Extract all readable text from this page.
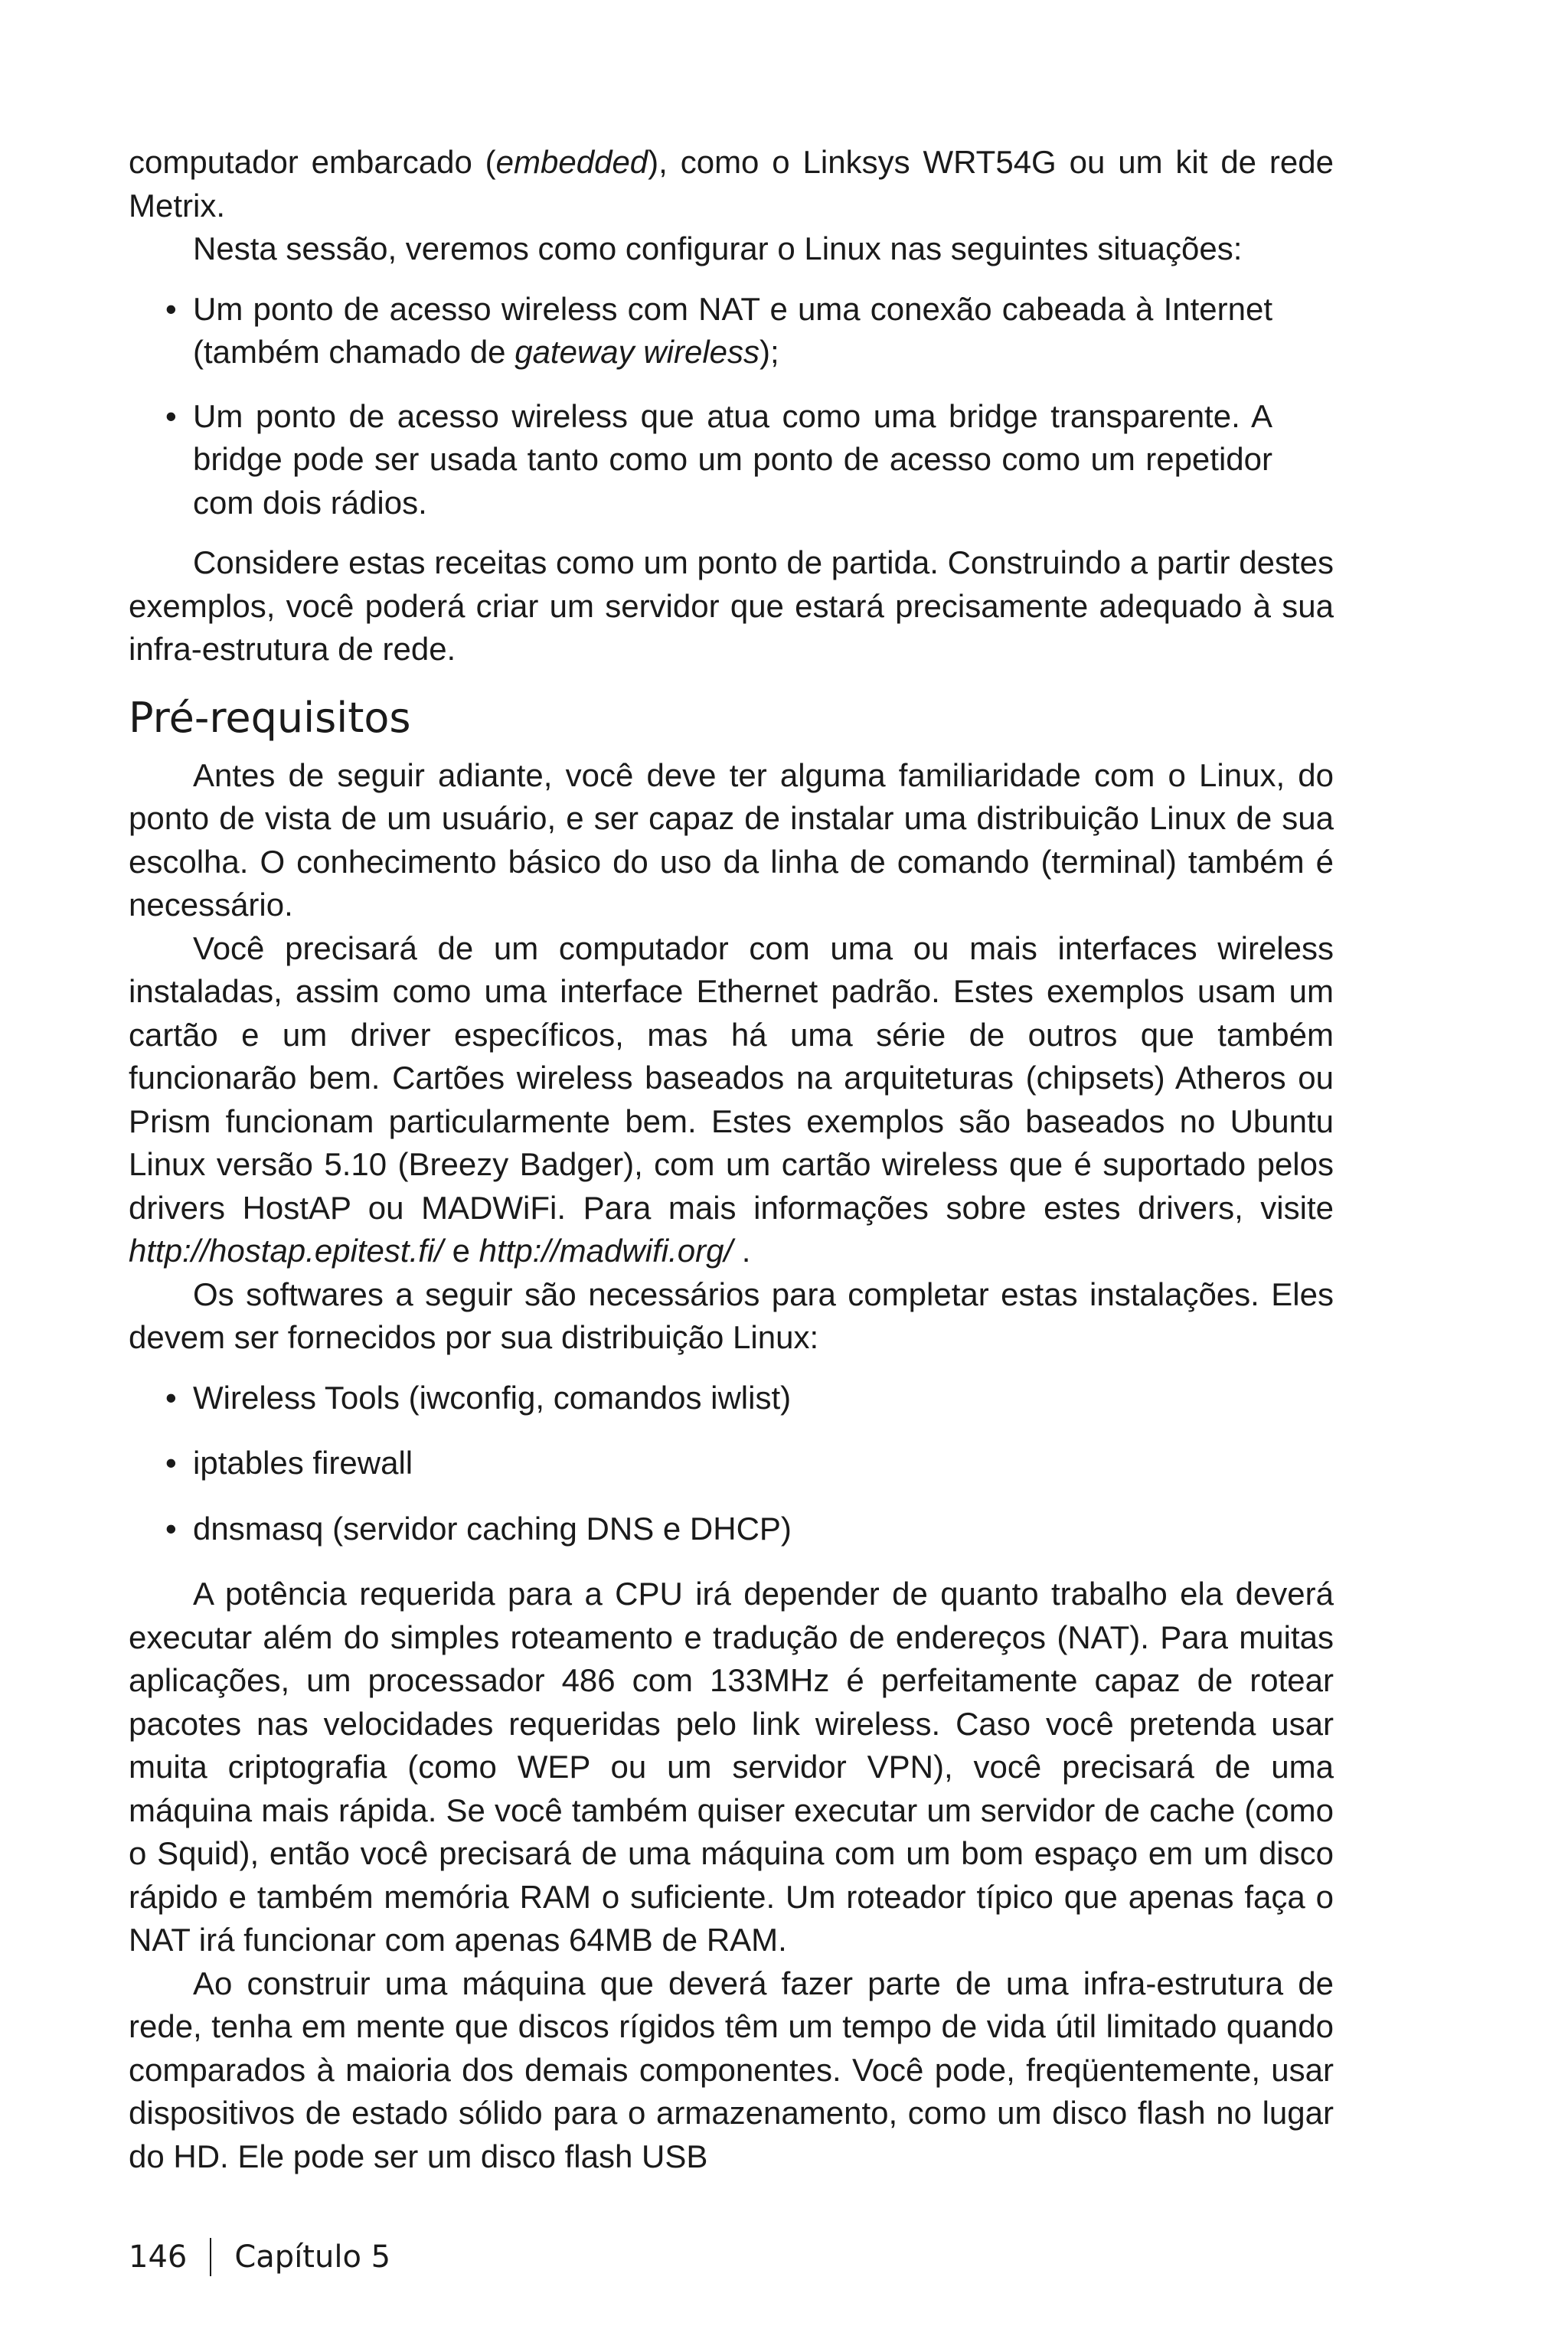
computador embarcado (embedded), como o Linksys WRT54G ou um kit de rede Metrix.

Nesta sessão, veremos como configurar o Linux nas seguintes situações:

• Um ponto de acesso wireless com NAT e uma conexão cabeada à Internet (também chamado de gateway wireless);
• Um ponto de acesso wireless que atua como uma bridge transparente. A bridge pode ser usada tanto como um ponto de acesso como um repetidor com dois rádios.

Considere estas receitas como um ponto de partida. Construindo a partir destes exemplos, você poderá criar um servidor que estará precisamente adequado à sua infra-estrutura de rede.

Pré-requisitos

Antes de seguir adiante, você deve ter alguma familiaridade com o Linux, do ponto de vista de um usuário, e ser capaz de instalar uma distribuição Linux de sua escolha. O conhecimento básico do uso da linha de comando (terminal) também é necessário.

Você precisará de um computador com uma ou mais interfaces wireless instaladas, assim como uma interface Ethernet padrão. Estes exemplos usam um cartão e um driver específicos, mas há uma série de outros que também funcionarão bem. Cartões wireless baseados na arquiteturas (chipsets) Atheros ou Prism funcionam particularmente bem. Estes exemplos são baseados no Ubuntu Linux versão 5.10 (Breezy Badger), com um cartão wireless que é suportado pelos drivers HostAP ou MADWiFi. Para mais informações sobre estes drivers, visite http://hostap.epitest.fi/ e http://madwifi.org/ .

Os softwares a seguir são necessários para completar estas instalações. Eles devem ser fornecidos por sua distribuição Linux:

• Wireless Tools (iwconfig, comandos iwlist)
• iptables firewall
• dnsmasq (servidor caching DNS e DHCP)

A potência requerida para a CPU irá depender de quanto trabalho ela deverá executar além do simples roteamento e tradução de endereços (NAT). Para muitas aplicações, um processador 486 com 133MHz é perfeitamente capaz de rotear pacotes nas velocidades requeridas pelo link wireless. Caso você pretenda usar muita criptografia (como WEP ou um servidor VPN), você precisará de uma máquina mais rápida. Se você também quiser executar um servidor de cache (como o Squid), então você precisará de uma máquina com um bom espaço em um disco rápido e também memória RAM o suficiente. Um roteador típico que apenas faça o NAT irá funcionar com apenas 64MB de RAM.

Ao construir uma máquina que deverá fazer parte de uma infra-estrutura de rede, tenha em mente que discos rígidos têm um tempo de vida útil limitado quando comparados à maioria dos demais componentes. Você pode, freqüentemente, usar dispositivos de estado sólido para o armazenamento, como um disco flash no lugar do HD. Ele pode ser um disco flash USB

146 Capítulo 5
